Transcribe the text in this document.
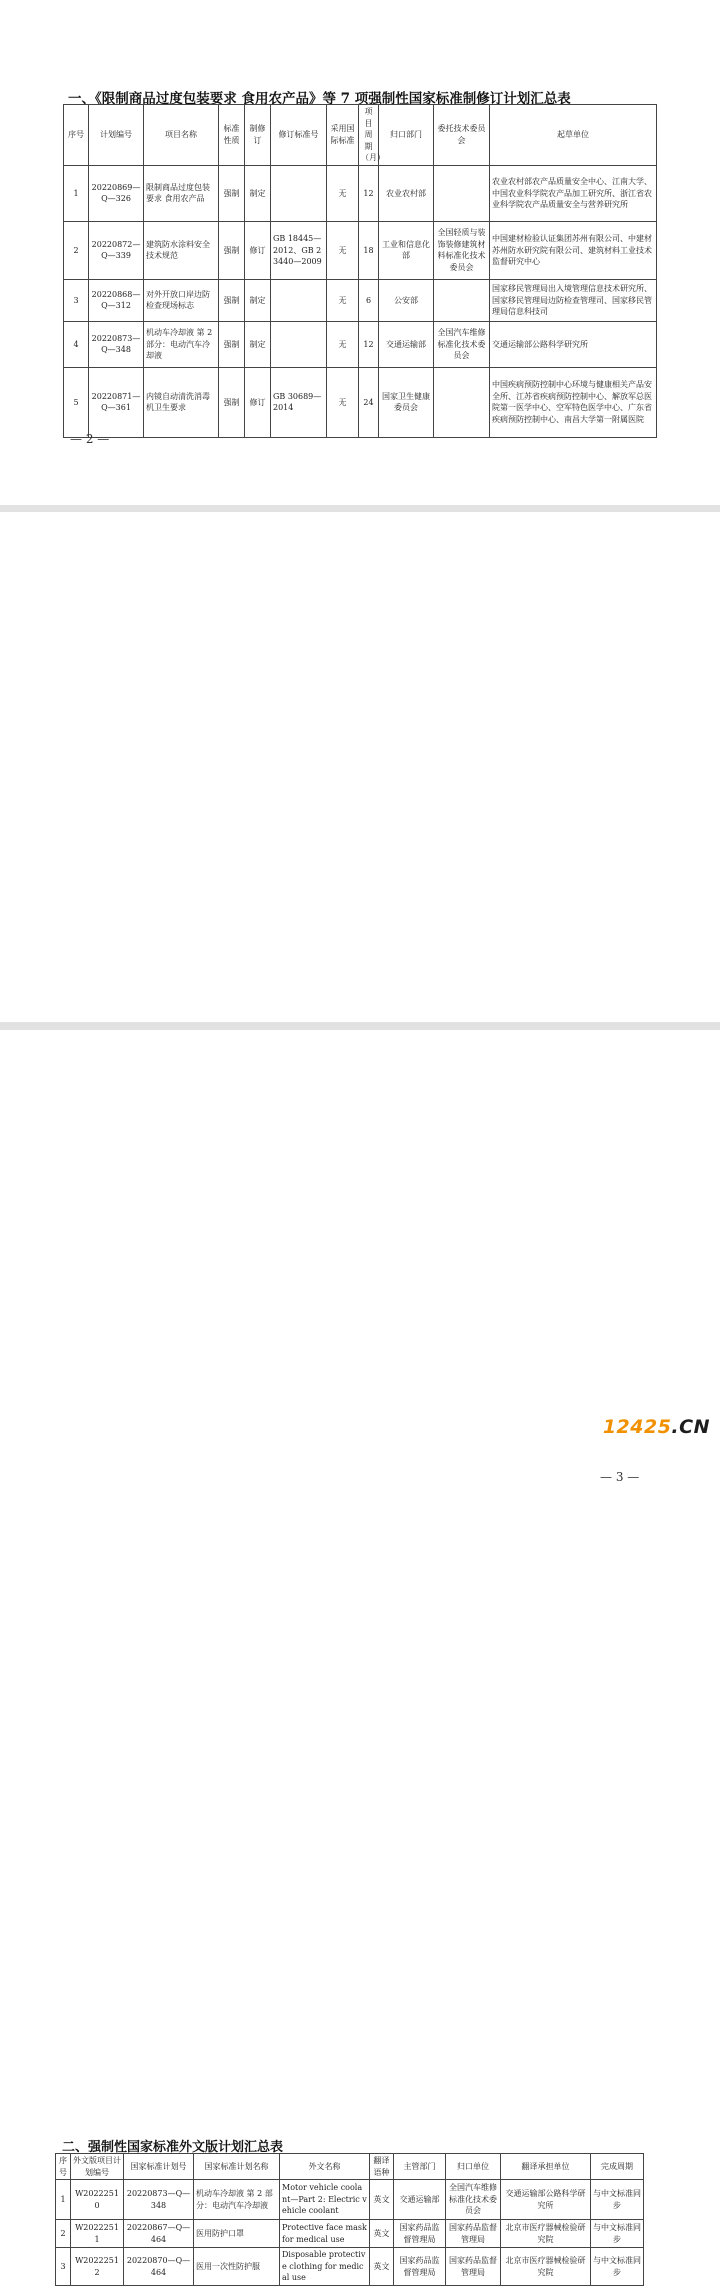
一、《限制商品过度包装要求 食用农产品》等 7 项强制性国家标准制修订计划汇总表
序号	计划编号	项目名称	标准性质	制修订	修订标准号	采用国际标准	项目周期（月）	归口部门	委托技术委员会	起草单位
1	20220869—Q—326	限制商品过度包装要求 食用农产品	强制	制定		无	12	农业农村部		农业农村部农产品质量安全中心、江南大学、中国农业科学院农产品加工研究所、浙江省农业科学院农产品质量安全与营养研究所
2	20220872—Q—339	建筑防水涂料安全技术规范	强制	修订	GB 18445—2012、GB 23440—2009	无	18	工业和信息化部	全国轻质与装饰装修建筑材料标准化技术委员会	中国建材检验认证集团苏州有限公司、中建材苏州防水研究院有限公司、建筑材料工业技术监督研究中心
3	20220868—Q—312	对外开放口岸边防检查现场标志	强制	制定		无	6	公安部		国家移民管理局出入境管理信息技术研究所、国家移民管理局边防检查管理司、国家移民管理局信息科技司
4	20220873—Q—348	机动车冷却液 第 2 部分：电动汽车冷却液	强制	制定		无	12	交通运输部	全国汽车维修标准化技术委员会	交通运输部公路科学研究所
5	20220871—Q—361	内镜自动清洗消毒机卫生要求	强制	修订	GB 30689—2014	无	24	国家卫生健康委员会		中国疾病预防控制中心环境与健康相关产品安全所、江苏省疾病预防控制中心、解放军总医院第一医学中心、空军特色医学中心、广东省疾病预防控制中心、南昌大学第一附属医院
— 2 —

— 3 —
二、强制性国家标准外文版计划汇总表
序号	外文版项目计划编号	国家标准计划号	国家标准计划名称	外文名称	翻译语种	主管部门	归口单位	翻译承担单位	完成周期
1	W20222510	20220873—Q—348	机动车冷却液 第 2 部分：电动汽车冷却液	Motor vehicle coolant—Part 2: Electric vehicle coolant	英文	交通运输部	全国汽车维修标准化技术委员会	交通运输部公路科学研究所	与中文标准同步
2	W20222511	20220867—Q—464	医用防护口罩	Protective face mask for medical use	英文	国家药品监督管理局	国家药品监督管理局	北京市医疗器械检验研究院	与中文标准同步
3	W20222512	20220870—Q—464	医用一次性防护服	Disposable protective clothing for medical use	英文	国家药品监督管理局	国家药品监督管理局	北京市医疗器械检验研究院	与中文标准同步
12425.CN
